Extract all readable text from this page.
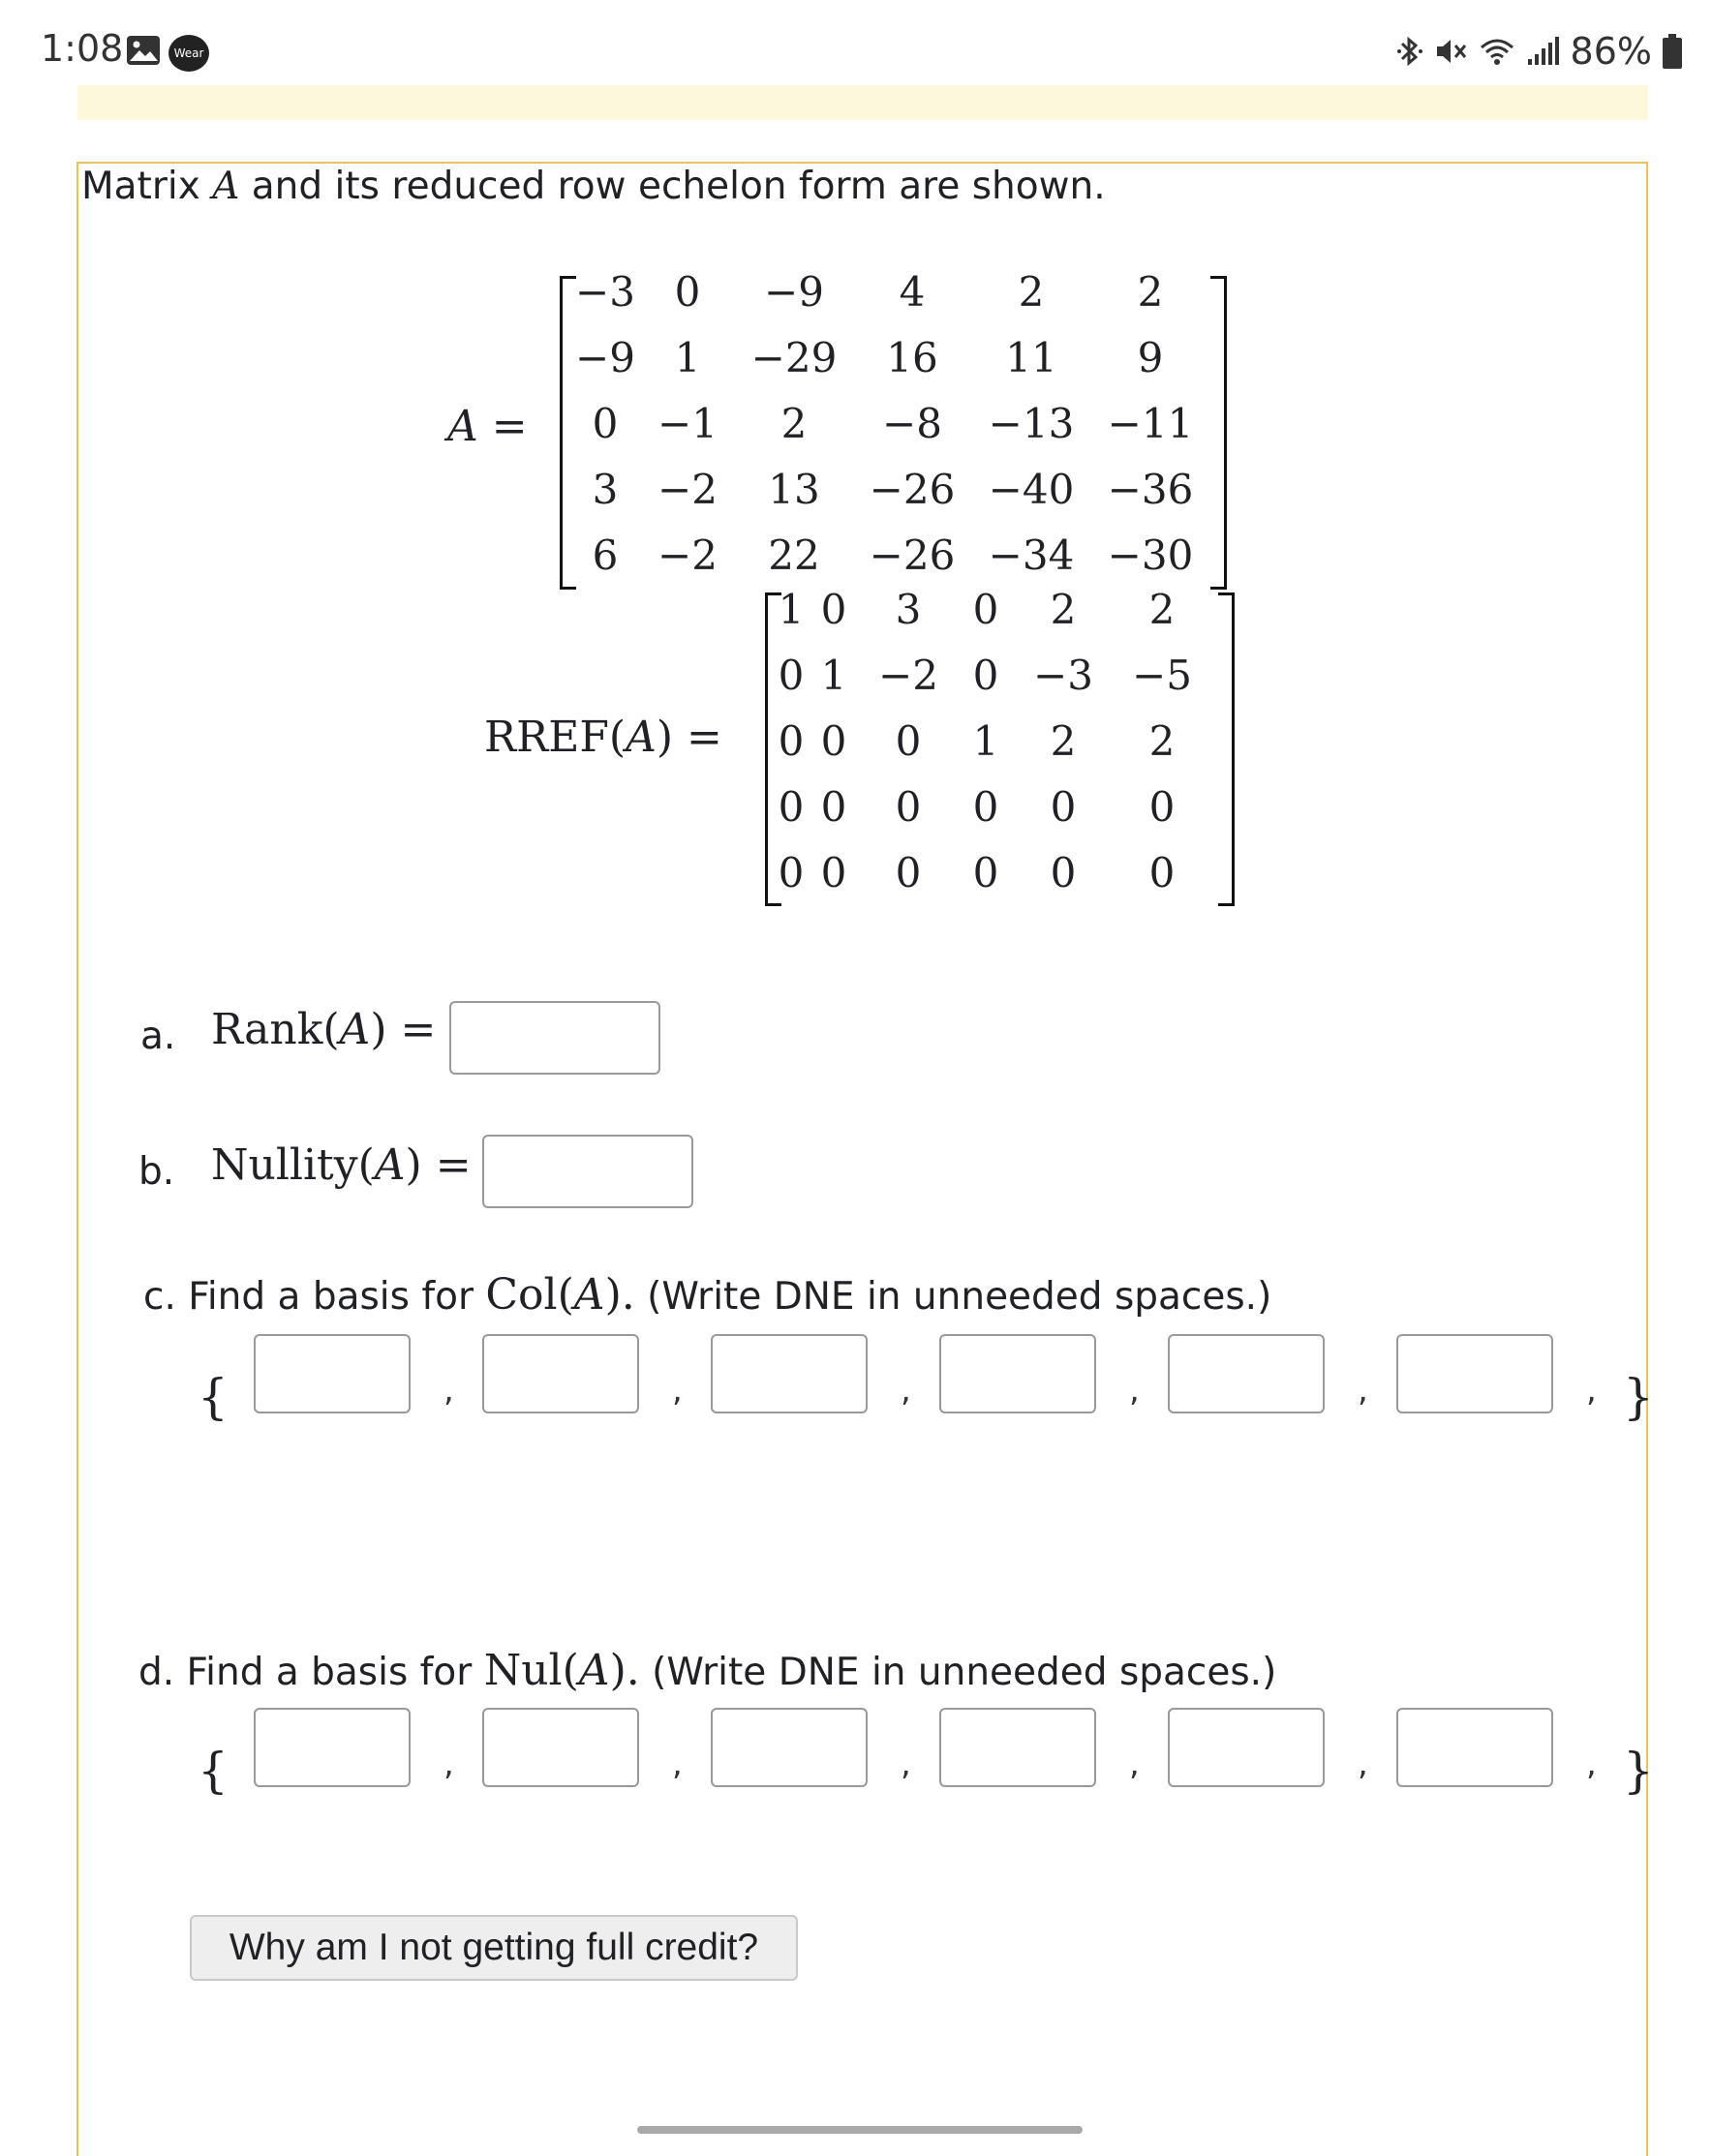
1:08	Wear	86%
Matrix A and its reduced row echelon form are shown.
A =
−3 0	−9	4	2	2
−9 1	−29	16	11	9
0 −1	2	−8	−13 −11
3 −2	13	−26 −40 −36
6 −2	22	−26 −34 −30
RREF(A) =
1 0	3	0	2	2
0 1 −2 0 −3 −5
0 0	0	1	2	2
0 0	0	0	0	0
0 0	0	0	0	0
a. Rank(A) =
b. Nullity(A) =
c. Find a basis for Col(A). (Write DNE in unneeded spaces.)
{	}
d. Find a basis for Nul(A). (Write DNE in unneeded spaces.)
{	}
Why am I not getting full credit?
,	,	,	,	,	,
,	,	,	,	,	,
